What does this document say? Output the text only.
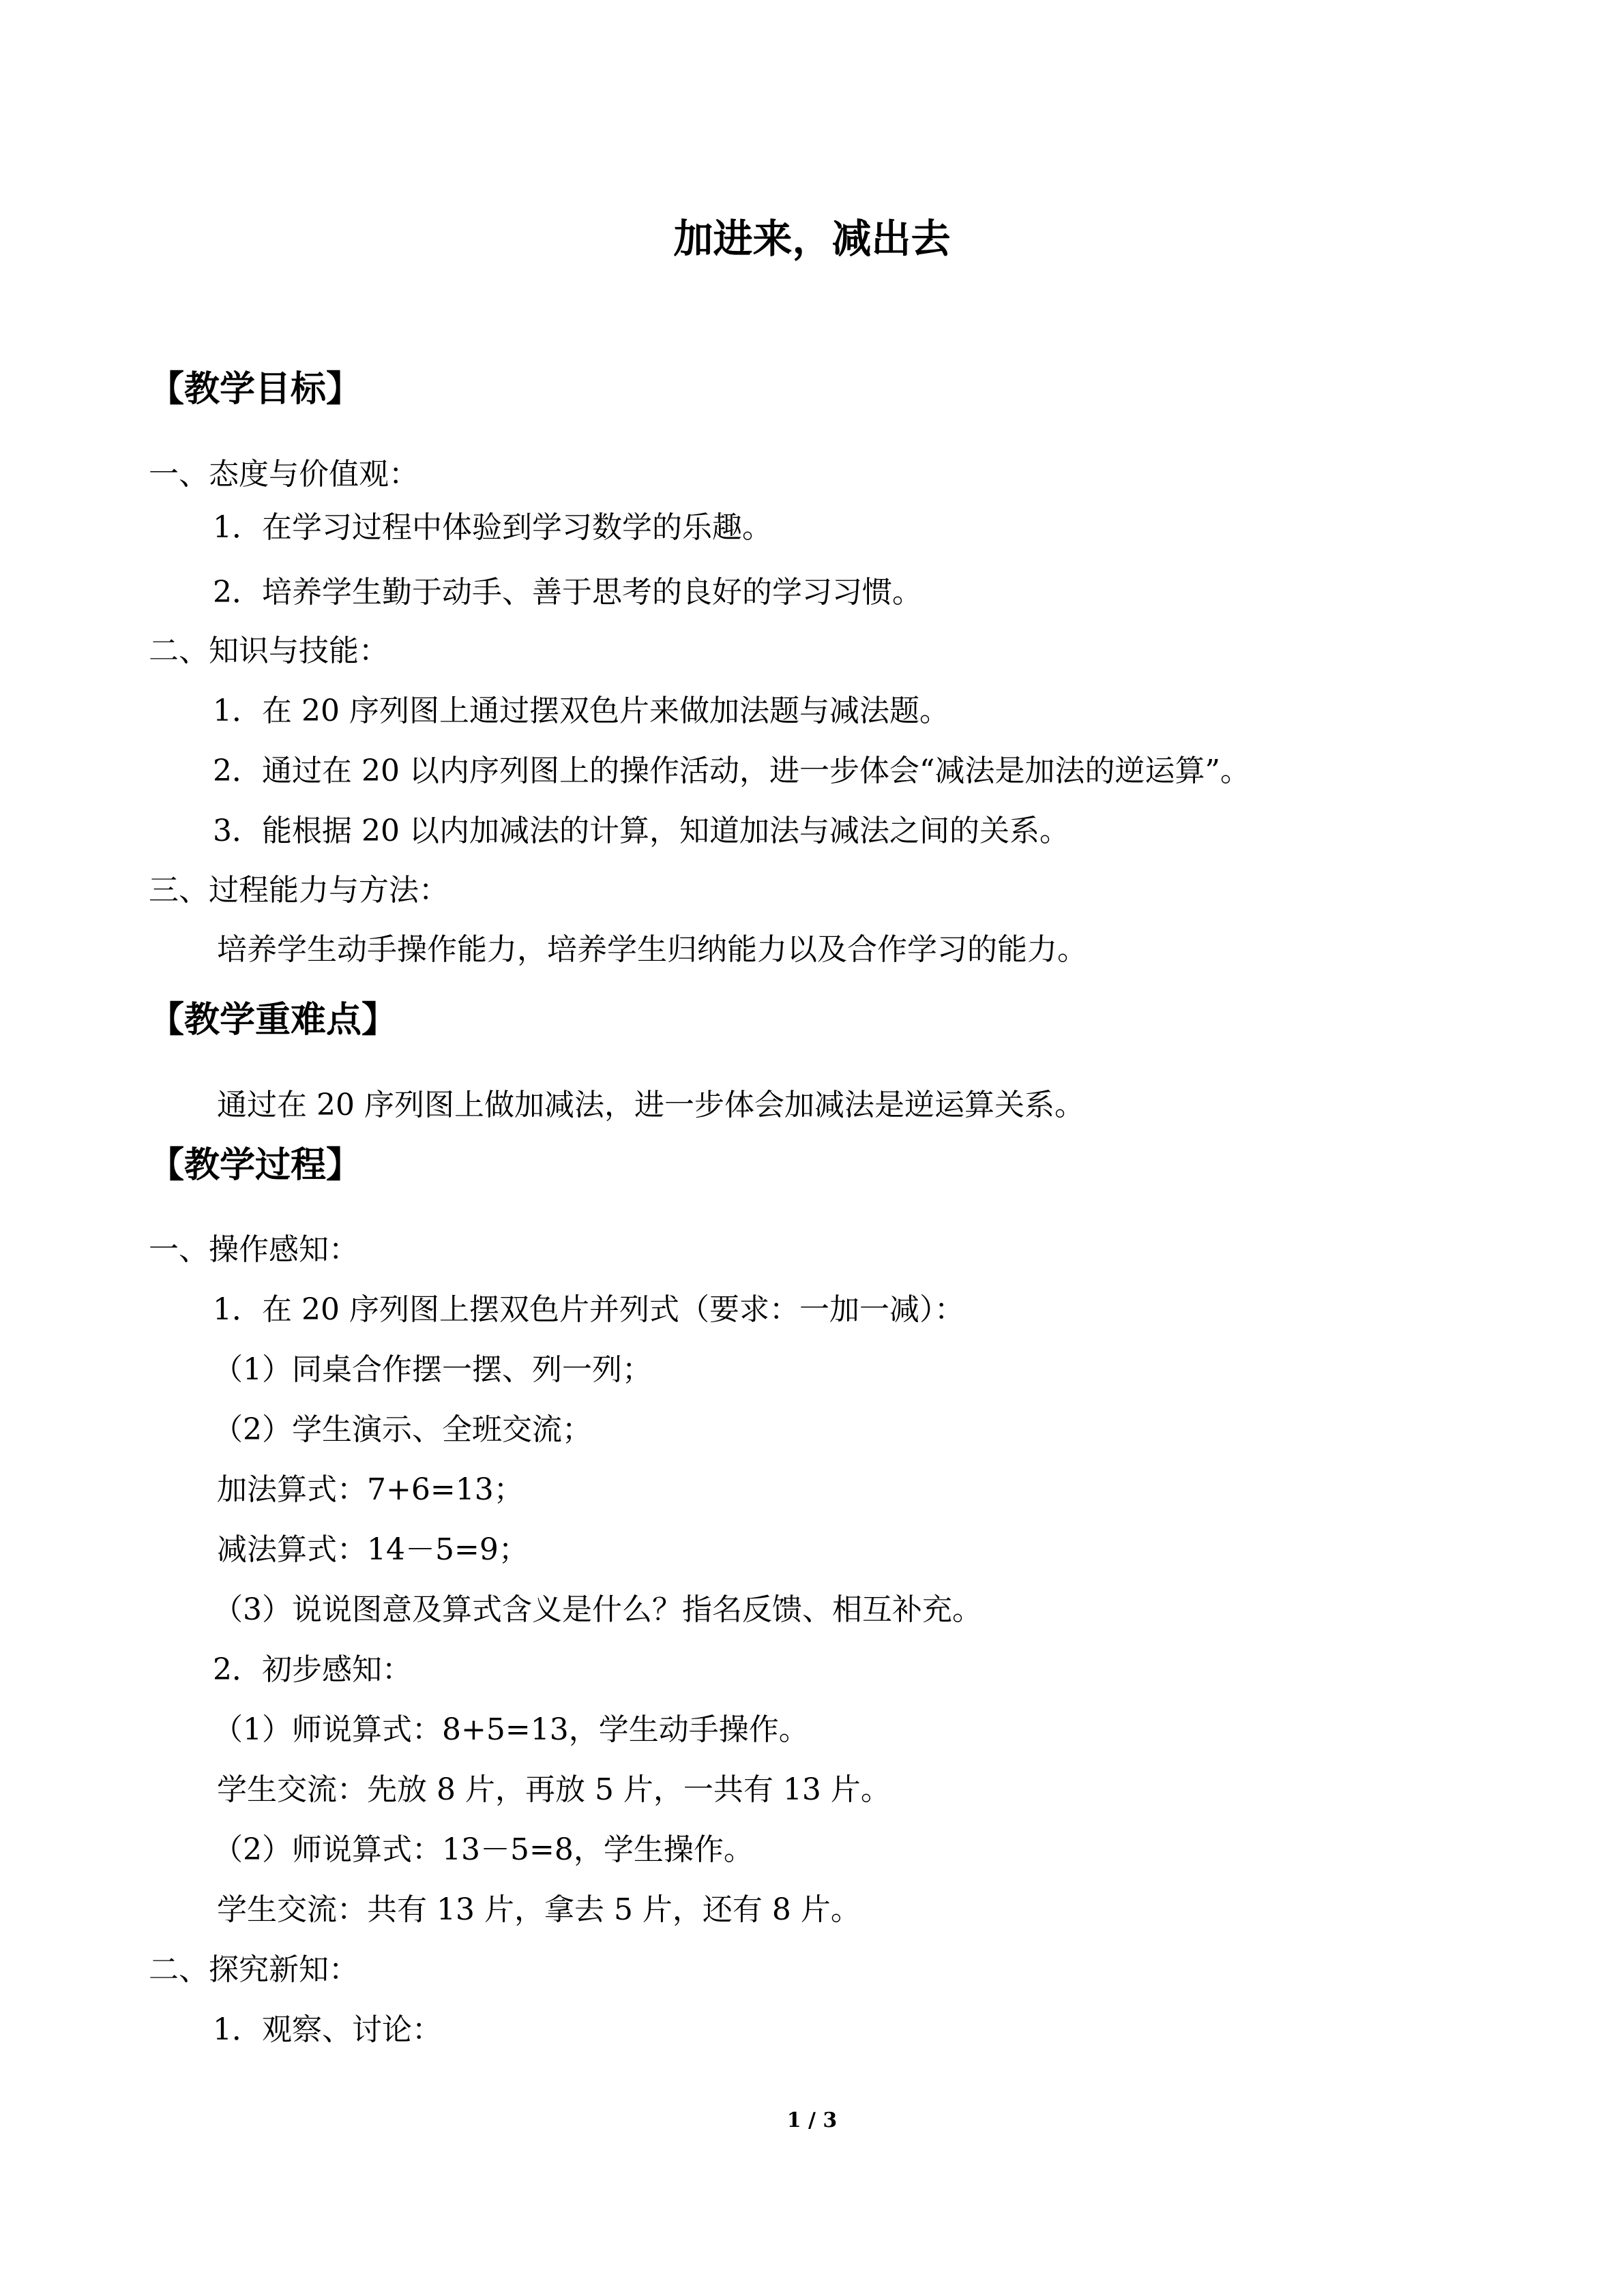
加进来，减出去
【教学目标】
一、态度与价值观：
1．在学习过程中体验到学习数学的乐趣。
2．培养学生勤于动手、善于思考的良好的学习习惯。
二、知识与技能：
1．在 20 序列图上通过摆双色片来做加法题与减法题。
2．通过在 20 以内序列图上的操作活动，进一步体会“减法是加法的逆运算”。
3．能根据 20 以内加减法的计算，知道加法与减法之间的关系。
三、过程能力与方法：
培养学生动手操作能力，培养学生归纳能力以及合作学习的能力。
【教学重难点】
通过在 20 序列图上做加减法，进一步体会加减法是逆运算关系。
【教学过程】
一、操作感知：
1．在 20 序列图上摆双色片并列式（要求：一加一减）：
（1）同桌合作摆一摆、列一列；
（2）学生演示、全班交流；
加法算式：7+6=13；
减法算式：14－5=9；
（3）说说图意及算式含义是什么？指名反馈、相互补充。
2．初步感知：
（1）师说算式：8+5=13，学生动手操作。
学生交流：先放 8 片，再放 5 片，一共有 13 片。
（2）师说算式：13－5=8，学生操作。
学生交流：共有 13 片，拿去 5 片，还有 8 片。
二、探究新知：
1．观察、讨论：
1 / 3
